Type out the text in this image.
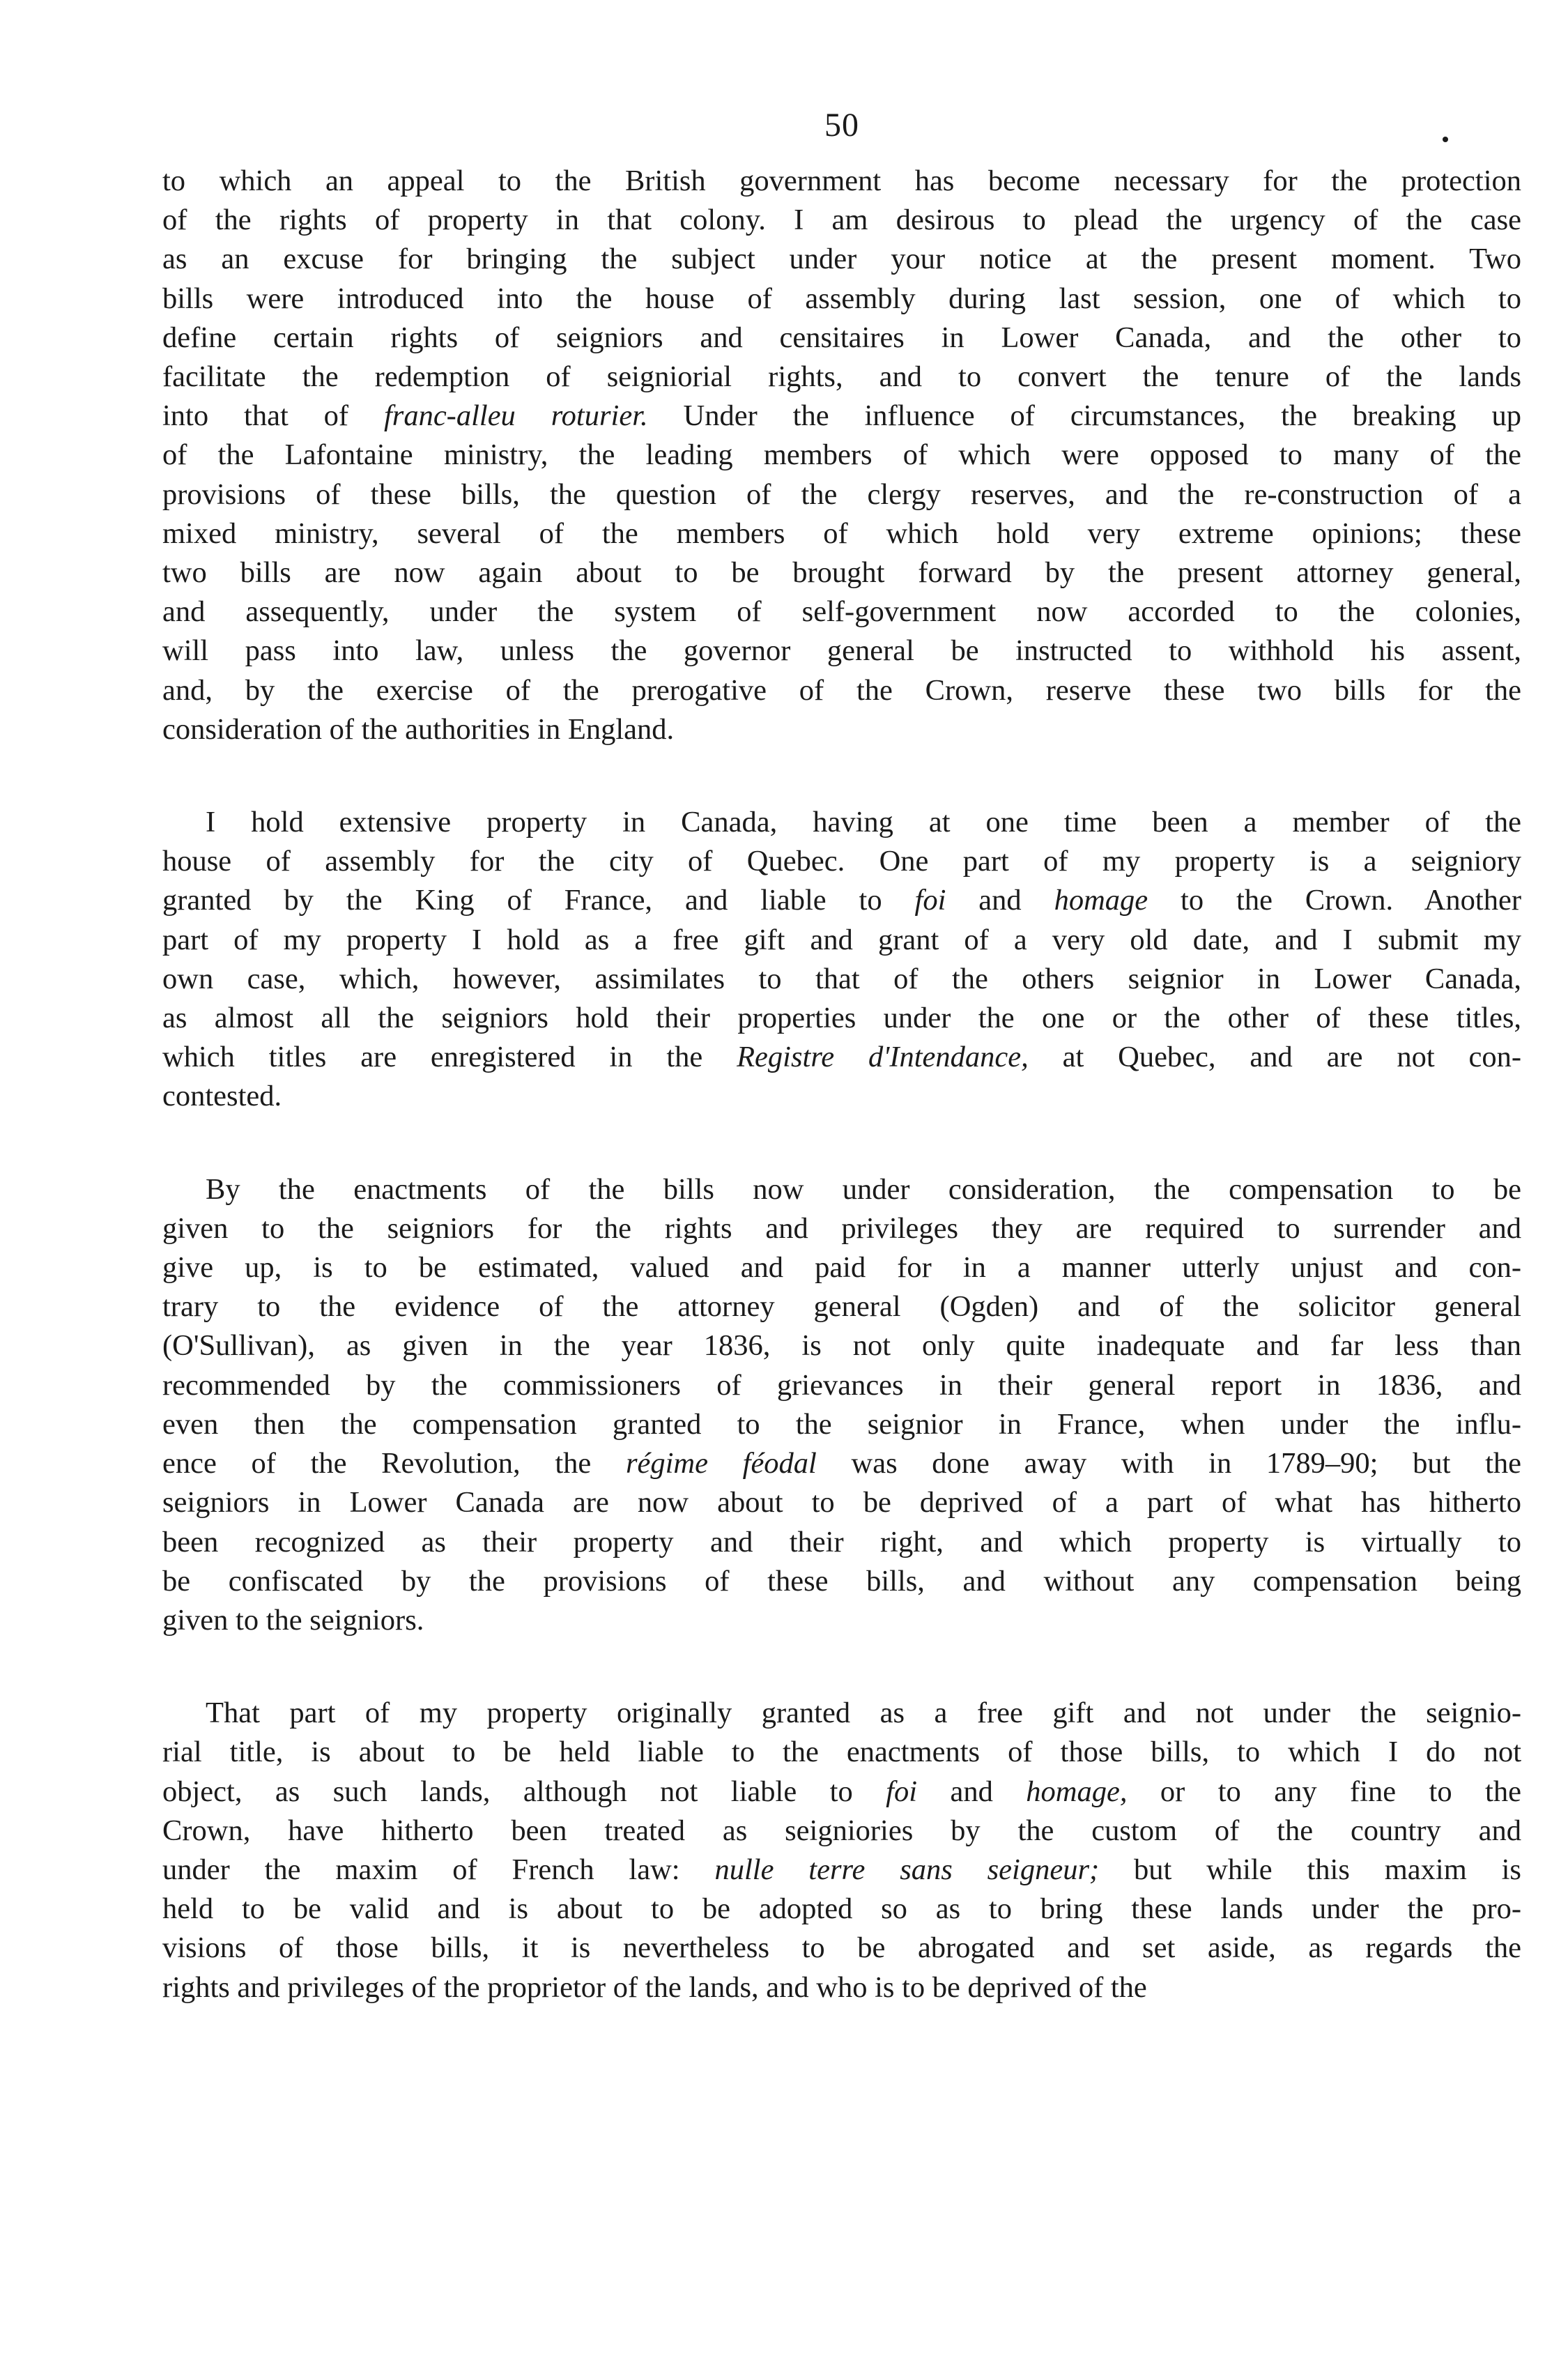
50
to which an appeal to the British government has become necessary for the protection
of the rights of property in that colony. I am desirous to plead the urgency of the case
as an excuse for bringing the subject under your notice at the present moment. Two
bills were introduced into the house of assembly during last session, one of which to
define certain rights of seigniors and censitaires in Lower Canada, and the other to
facilitate the redemption of seigniorial rights, and to convert the tenure of the lands
into that of franc-alleu roturier. Under the influence of circumstances, the breaking up
of the Lafontaine ministry, the leading members of which were opposed to many of the
provisions of these bills, the question of the clergy reserves, and the re-construction of a
mixed ministry, several of the members of which hold very extreme opinions; these
two bills are now again about to be brought forward by the present attorney general,
and assequently, under the system of self-government now accorded to the colonies,
will pass into law, unless the governor general be instructed to withhold his assent,
and, by the exercise of the prerogative of the Crown, reserve these two bills for the
consideration of the authorities in England.
I hold extensive property in Canada, having at one time been a member of the
house of assembly for the city of Quebec. One part of my property is a seigniory
granted by the King of France, and liable to foi and homage to the Crown. Another
part of my property I hold as a free gift and grant of a very old date, and I submit my
own case, which, however, assimilates to that of the others seignior in Lower Canada,
as almost all the seigniors hold their properties under the one or the other of these titles,
which titles are enregistered in the Registre d'Intendance, at Quebec, and are not con-
contested.
By the enactments of the bills now under consideration, the compensation to be
given to the seigniors for the rights and privileges they are required to surrender and
give up, is to be estimated, valued and paid for in a manner utterly unjust and con-
trary to the evidence of the attorney general (Ogden) and of the solicitor general
(O'Sullivan), as given in the year 1836, is not only quite inadequate and far less than
recommended by the commissioners of grievances in their general report in 1836, and
even then the compensation granted to the seignior in France, when under the influ-
ence of the Revolution, the régime féodal was done away with in 1789–90; but the
seigniors in Lower Canada are now about to be deprived of a part of what has hitherto
been recognized as their property and their right, and which property is virtually to
be confiscated by the provisions of these bills, and without any compensation being
given to the seigniors.
That part of my property originally granted as a free gift and not under the seignio-
rial title, is about to be held liable to the enactments of those bills, to which I do not
object, as such lands, although not liable to foi and homage, or to any fine to the
Crown, have hitherto been treated as seigniories by the custom of the country and
under the maxim of French law: nulle terre sans seigneur; but while this maxim is
held to be valid and is about to be adopted so as to bring these lands under the pro-
visions of those bills, it is nevertheless to be abrogated and set aside, as regards the
rights and privileges of the proprietor of the lands, and who is to be deprived of the
